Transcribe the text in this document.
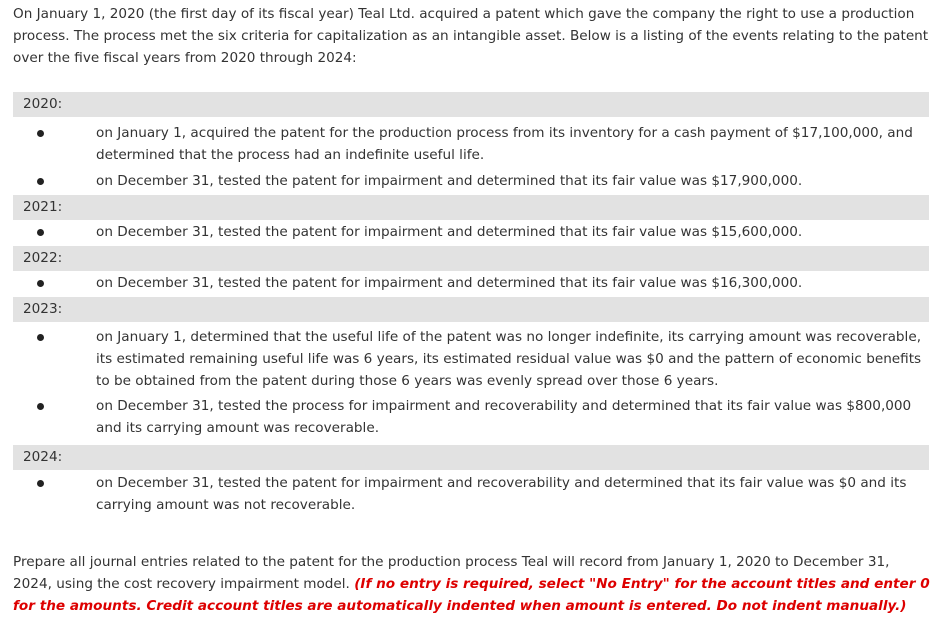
On January 1, 2020 (the first day of its fiscal year) Teal Ltd. acquired a patent which gave the company the right to use a production process. The process met the six criteria for capitalization as an intangible asset. Below is a listing of the events relating to the patent over the five fiscal years from 2020 through 2024:

2020:
on January 1, acquired the patent for the production process from its inventory for a cash payment of $17,100,000, and determined that the process had an indefinite useful life.
on December 31, tested the patent for impairment and determined that its fair value was $17,900,000.
2021:
on December 31, tested the patent for impairment and determined that its fair value was $15,600,000.
2022:
on December 31, tested the patent for impairment and determined that its fair value was $16,300,000.
2023:
on January 1, determined that the useful life of the patent was no longer indefinite, its carrying amount was recoverable, its estimated remaining useful life was 6 years, its estimated residual value was $0 and the pattern of economic benefits to be obtained from the patent during those 6 years was evenly spread over those 6 years.
on December 31, tested the process for impairment and recoverability and determined that its fair value was $800,000 and its carrying amount was recoverable.
2024:
on December 31, tested the patent for impairment and recoverability and determined that its fair value was $0 and its carrying amount was not recoverable.

Prepare all journal entries related to the patent for the production process Teal will record from January 1, 2020 to December 31, 2024, using the cost recovery impairment model. (If no entry is required, select "No Entry" for the account titles and enter 0 for the amounts. Credit account titles are automatically indented when amount is entered. Do not indent manually.)
